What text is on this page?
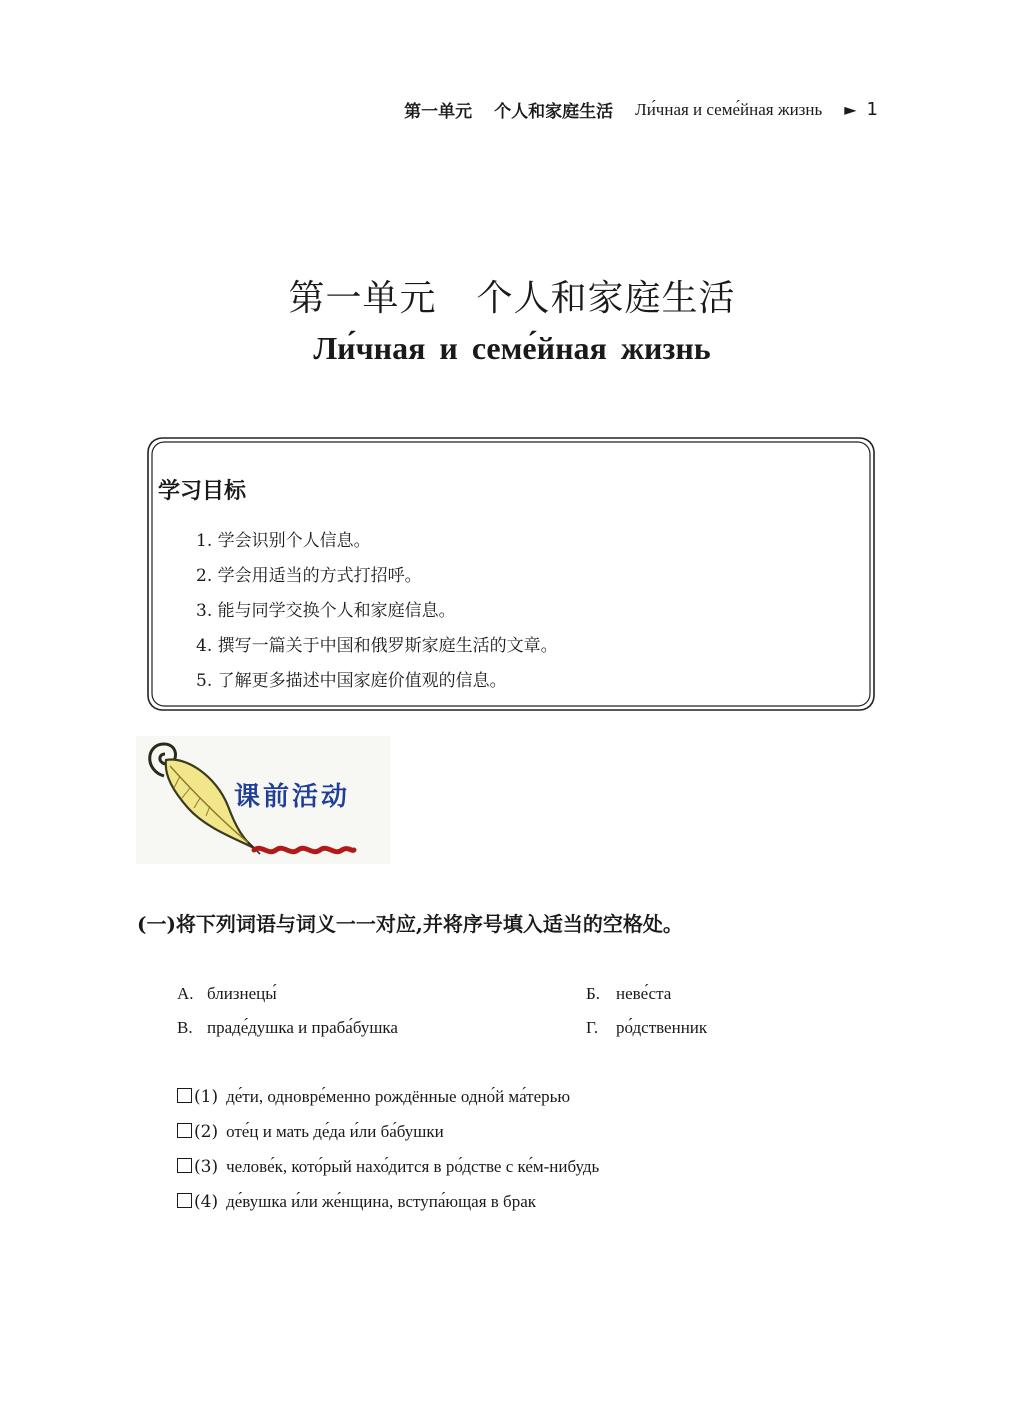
第一单元 个人和家庭生活 Ли́чная и семе́йная жизнь ► 1
第一单元 个人和家庭生活
Ли́чная и семе́йная жизнь
学习目标
1. 学会识别个人信息。
2. 学会用适当的方式打招呼。
3. 能与同学交换个人和家庭信息。
4. 撰写一篇关于中国和俄罗斯家庭生活的文章。
5. 了解更多描述中国家庭价值观的信息。
课前活动
(一)将下列词语与词义一一对应,并将序号填入适当的空格处。
А. близнецы́	Б. неве́ста
В. праде́душка и праба́бушка	Г. ро́дственник
(1) де́ти, одновре́менно рождённые одно́й ма́терью
(2) оте́ц и мать де́да и́ли ба́бушки
(3) челове́к, кото́рый нахо́дится в ро́дстве с ке́м-нибудь
(4) де́вушка и́ли же́нщина, вступа́ющая в брак
